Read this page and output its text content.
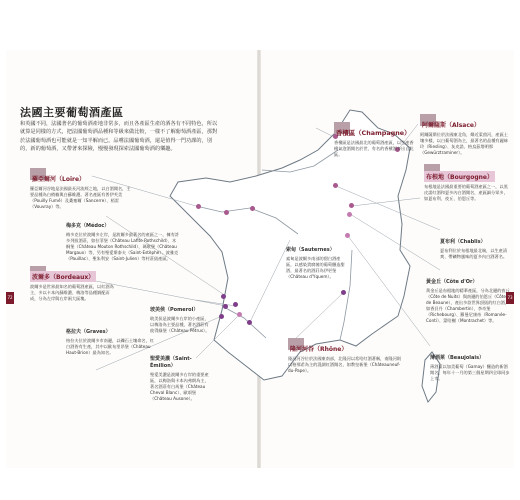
72	73
法國主要葡萄酒產區
和英國不同，法國著名的葡萄酒產地非常多，而且各產區生產的酒各有不同特色，所以就算是同樣的方式，把法國葡萄酒品種和等級來做比較，一樣不了解葡萄酒產區，那對於法國葡萄酒也可能就是一知半解而已。品嚐法國葡萄酒，還是值得一門功課的，別的，新的葡萄酒，又帶著來探險，慢慢發現探索法國葡萄酒的樂趣。
香檳區（Champagne）
香檳區是法國最北的葡萄酒產區，以生產香檳氣泡酒聞名於世，有名的香檳酒多出自此區。
阿爾薩斯（Alsace）
阿爾薩斯位於法國東北角，鄰近萊茵河，產區土壤多樣，以白葡萄酒為主，最著名的品種有麗絲玲（Riesling）、灰皮諾、格烏茲塔明那（Gewürztraminer）。
布根地（Bourgogne）
布根地是法國最重要的葡萄酒產區之一，以黑皮諾紅酒和夏多內白酒聞名，產區細分眾多，如夏布利、夜丘、伯恩丘等。
夏布利（Chablis）
夏布利位於布根地最北端，以生產清爽、帶礦物風味的夏多內白酒著名。
黃金丘（Côte d'Or）
黃金丘是布根地的精華產區，分為北邊的夜丘（Côte de Nuits）與南邊的伯恩丘（Côte de Beaune），產出多款世界頂級的紅白酒，如香貝丹（Chambertin）、李奇堡（Richebourg）、羅曼尼康帝（Romanée-Conti）、蒙哈榭（Montrachet）等。
薄酒萊（Beaujolais）
薄酒萊以加美葡萄（Gamay）釀造的新酒聞名，每年十一月的第三個星期四全球同步上市。
羅亞爾河（Loire）
羅亞爾河谷地是法國最長河流經之地，以白酒聞名，主要品種為白梢楠與白蘇維濃。著名產區有普伊芙美（Pouilly Fumé）及桑塞爾（Sancerre）、梧雷（Vouvray）等。
梅多克（Médoc）
梅多克位於波爾多左岸，是波爾多最著名的產區之一，擁有許多列級酒莊，如拉菲堡（Château Lafite Rothschild）、木桐堡（Château Mouton Rothschild）、瑪歌堡（Château Margaux）等，另有聖愛斯泰夫（Saint-Estèphe）、波雅克（Pauillac）、聖朱利安（Saint-Julien）等村莊級產區。
波爾多（Bordeaux）
波爾多是世界最知名的葡萄酒產區，以紅酒為主，多以卡本內蘇維濃、梅洛等品種調配而成，分為左岸與右岸兩大區塊。
格拉夫（Graves）
格拉夫位於波爾多市南邊，以礫石土壤命名，紅白酒皆有生產，其中以歐布里昂堡（Château Haut-Brion）最為知名。
玻美侯（Pomerol）
玻美侯是波爾多右岸的小產區，以梅洛為主要品種，著名酒莊有彼得綠堡（Château Pétrus）。
聖愛美濃（Saint-Émilion）
聖愛美濃是波爾多右岸的重要產區，以梅洛與卡本內弗朗為主，著名酒莊有白馬堡（Château Cheval Blanc）、歐頌堡（Château Ausone）。
索甸（Sauternes）
索甸是波爾多南部的甜白酒產區，以感染貴腐菌的葡萄釀造甜酒，最著名的酒莊為伊更堡（Château d'Yquem）。
隆河河谷（Rhône）
隆河河谷位於法國東南部，北隆河以希哈紅酒著稱，南隆河則以格那希為主的混調紅酒聞名，如教皇新堡（Châteauneuf-du-Pape）。
